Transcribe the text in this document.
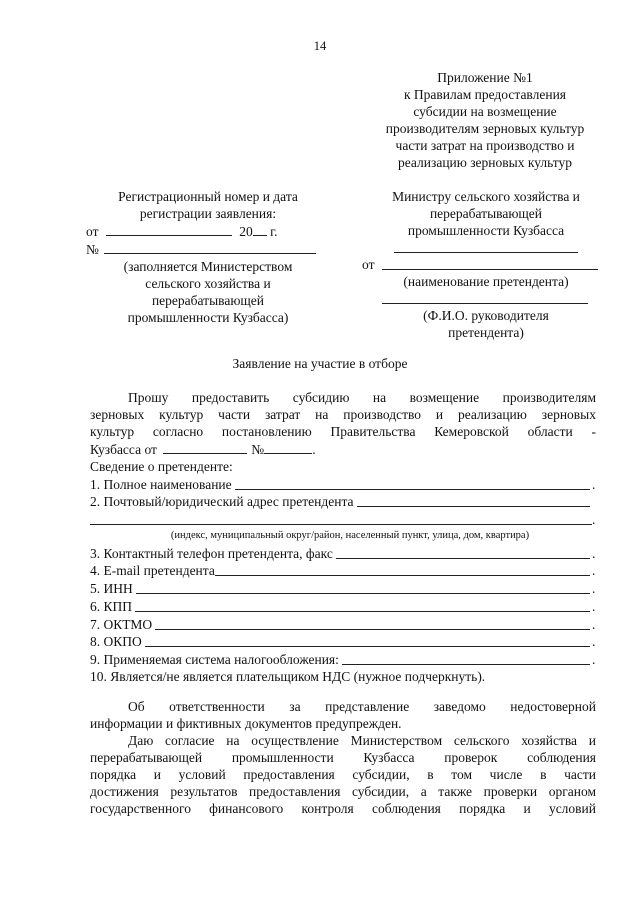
14
Приложение №1
к Правилам предоставления
субсидии на возмещение
производителям зерновых культур
части затрат на производство и
реализацию зерновых культур
Регистрационный номер и дата
регистрации заявления:
от	20 г.
№
(заполняется Министерством
сельского хозяйства и
перерабатывающей
промышленности Кузбасса)
Министру сельского хозяйства и
перерабатывающей
промышленности Кузбасса
от
(наименование претендента)
(Ф.И.О. руководителя
претендента)
Заявление на участие в отборе
Прошу предоставить субсидию на возмещение производителям
зерновых культур части затрат на производство и реализацию зерновых
культур согласно постановлению Правительства Кемеровской области -
Кузбасса от	№	.
Сведение о претенденте:
1. Полное наименование	.
2. Почтовый/юридический адрес претендента
.
(индекс, муниципальный округ/район, населенный пункт, улица, дом, квартира)
3. Контактный телефон претендента, факс	.
4. E-mail претендента	.
5. ИНН	.
6. КПП	.
7. ОКТМО	.
8. ОКПО	.
9. Применяемая система налогообложения:	.
10. Является/не является плательщиком НДС (нужное подчеркнуть).
Об ответственности за представление заведомо недостоверной
информации и фиктивных документов предупрежден.
Даю согласие на осуществление Министерством сельского хозяйства и
перерабатывающей промышленности Кузбасса проверок соблюдения
порядка и условий предоставления субсидии, в том числе в части
достижения результатов предоставления субсидии, а также проверки органом
государственного финансового контроля соблюдения порядка и условий
